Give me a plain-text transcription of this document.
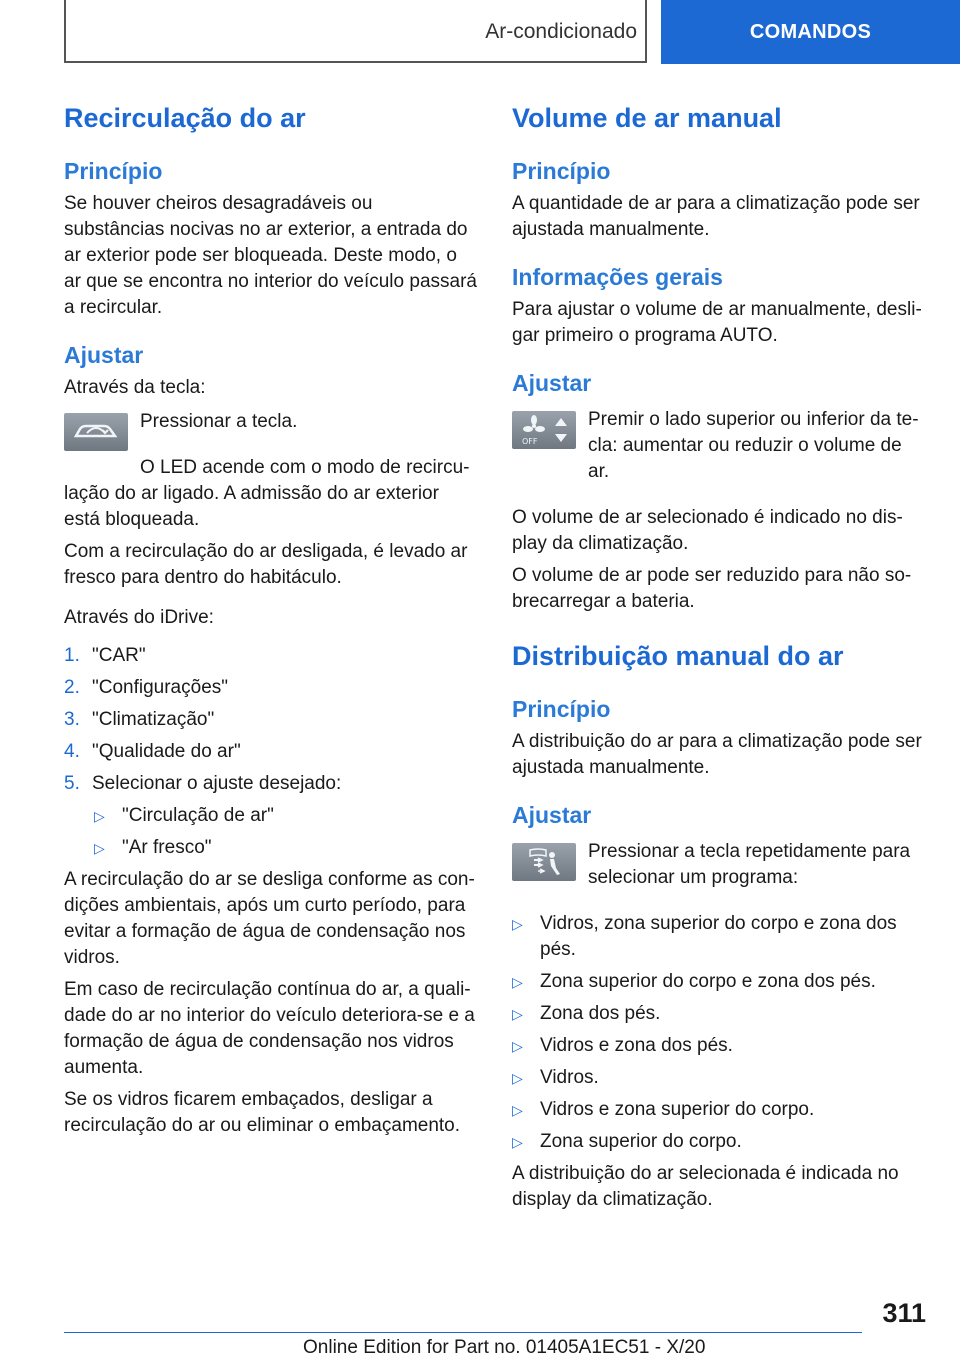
Ar-condicionado	COMANDOS
Recirculação do ar
Princípio

Se houver cheiros desagradáveis ou substâncias nocivas no ar exterior, a entrada do ar exterior pode ser bloqueada. Deste modo, o ar que se encontra no interior do veículo passará a recircular.

Ajustar

Através da tecla:

Pressionar a tecla.

O LED acende com o modo de recirculação do ar ligado. A admissão do ar exterior está bloqueada.

Com a recirculação do ar desligada, é levado ar fresco para dentro do habitáculo.

Através do iDrive:

1. "CAR"
2. "Configurações"
3. "Climatização"
4. "Qualidade do ar"
5. Selecionar o ajuste desejado:
▷ "Circulação de ar"
▷ "Ar fresco"

A recirculação do ar se desliga conforme as condições ambientais, após um curto período, para evitar a formação de água de condensação nos vidros.

Em caso de recirculação contínua do ar, a qualidade do ar no interior do veículo deteriora-se e a formação de água de condensação nos vidros aumenta.

Se os vidros ficarem embaçados, desligar a recirculação do ar ou eliminar o embaçamento.

Volume de ar manual
Princípio

A quantidade de ar para a climatização pode ser ajustada manualmente.

Informações gerais

Para ajustar o volume de ar manualmente, desligar primeiro o programa AUTO.

Ajustar
OFF

Premir o lado superior ou inferior da tecla: aumentar ou reduzir o volume de ar.

O volume de ar selecionado é indicado no display da climatização.

O volume de ar pode ser reduzido para não sobrecarregar a bateria.

Distribuição manual do ar
Princípio

A distribuição do ar para a climatização pode ser ajustada manualmente.

Ajustar

Pressionar a tecla repetidamente para selecionar um programa:

▷ Vidros, zona superior do corpo e zona dos pés.
▷ Zona superior do corpo e zona dos pés.
▷ Zona dos pés.
▷ Vidros e zona dos pés.
▷ Vidros.
▷ Vidros e zona superior do corpo.
▷ Zona superior do corpo.

A distribuição do ar selecionada é indicada no display da climatização.

311
Online Edition for Part no. 01405A1EC51 - X/20
